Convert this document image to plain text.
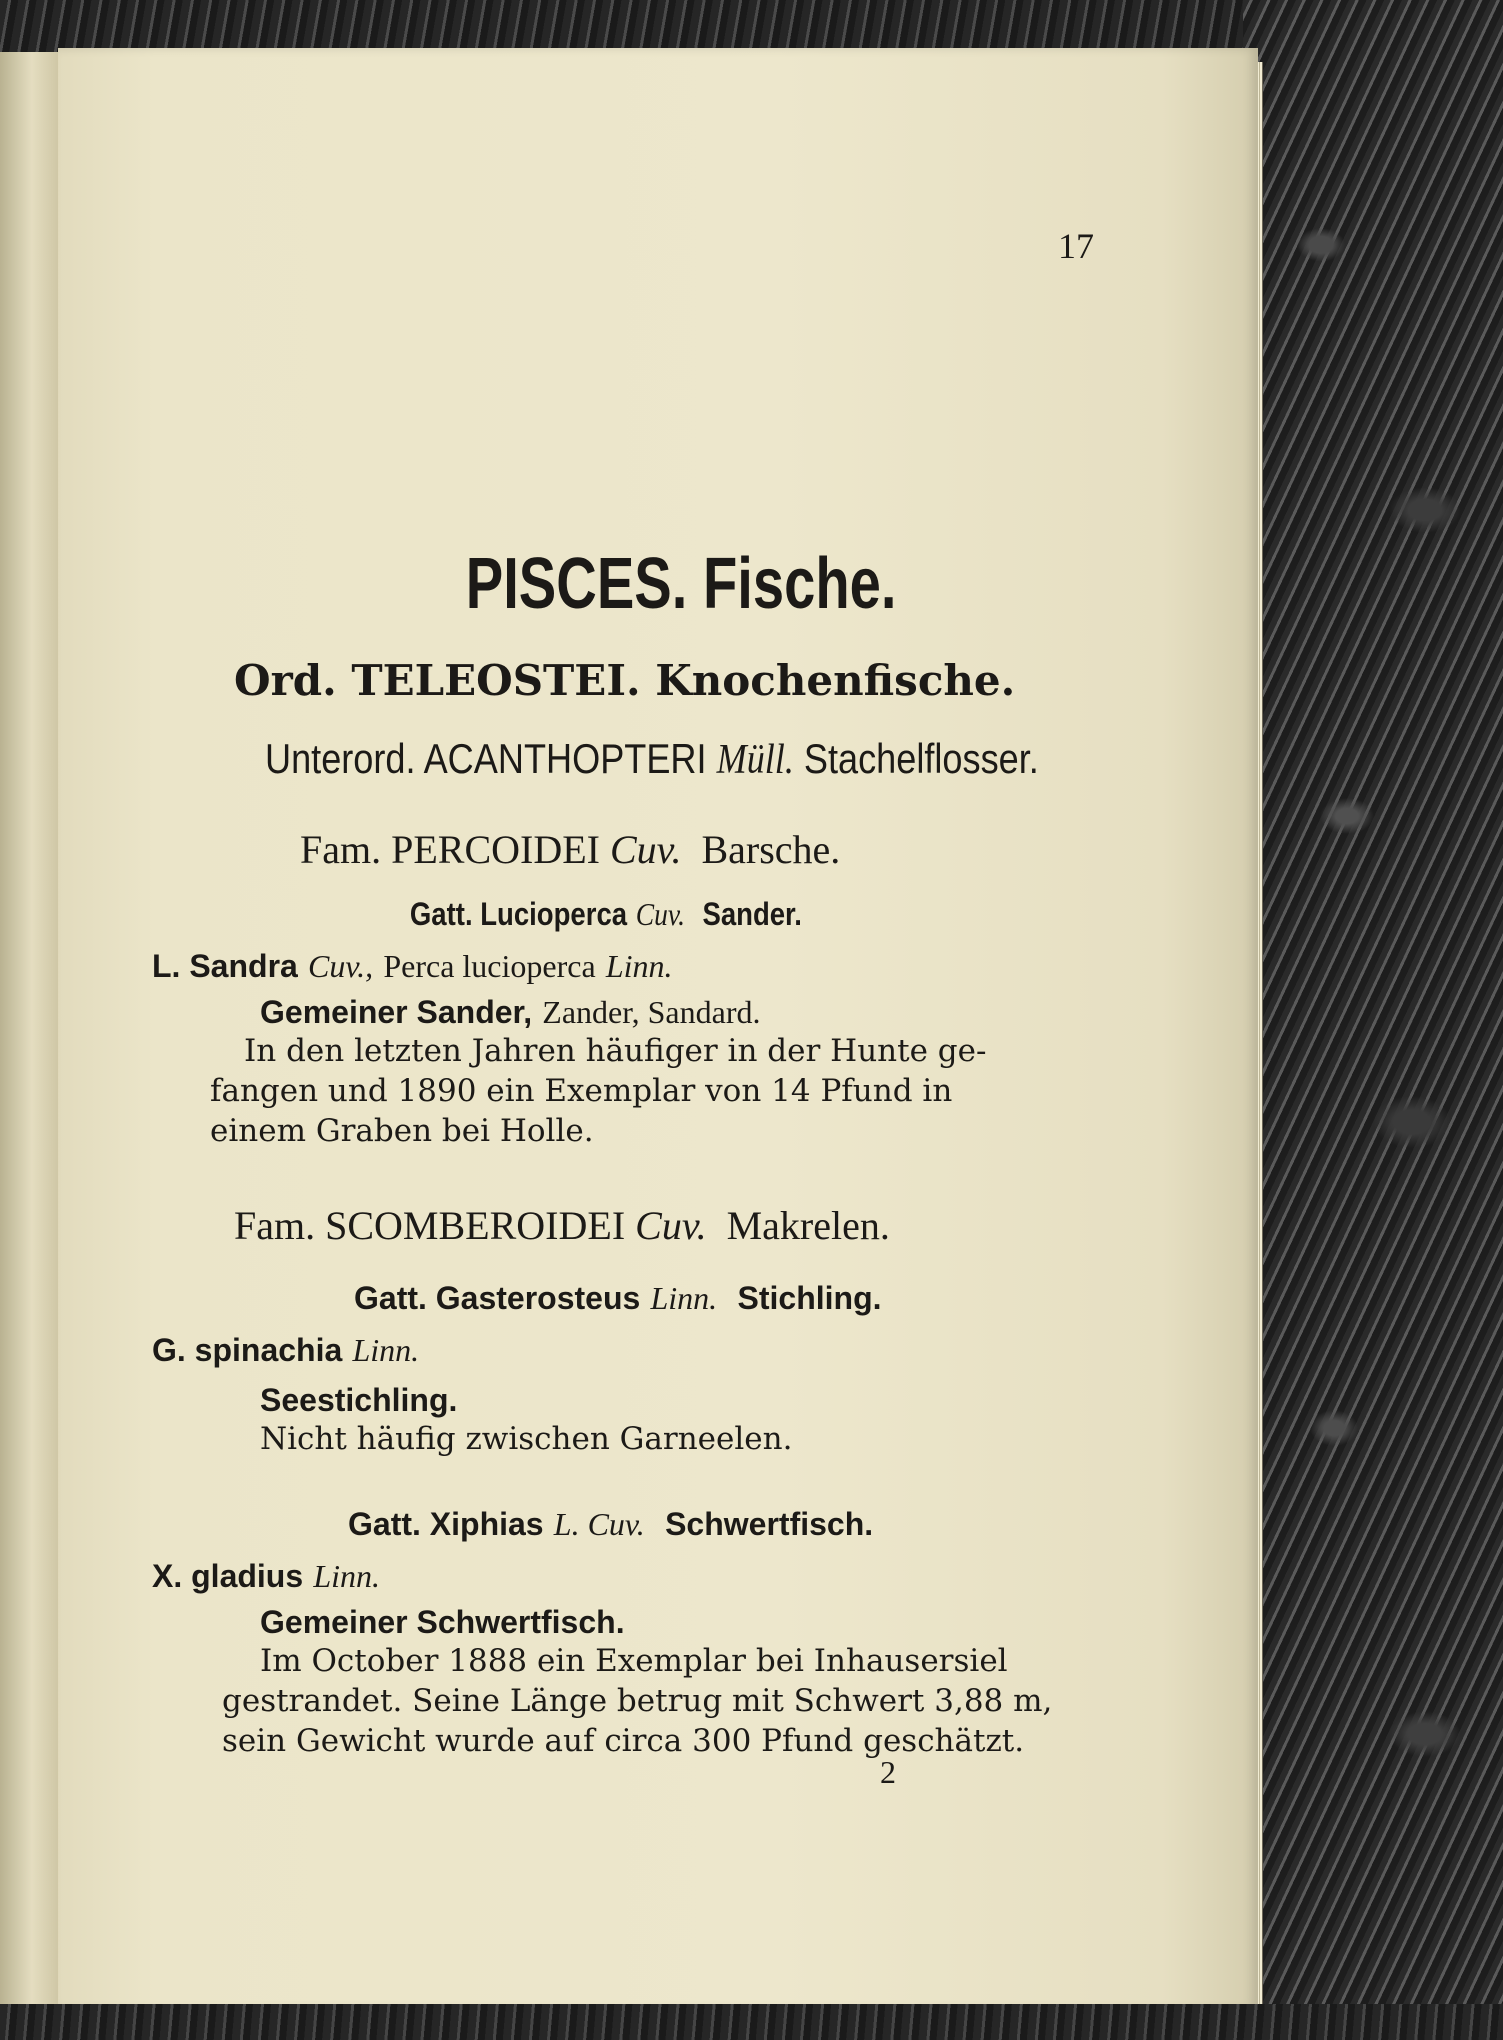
17
PISCES. Fische.
Ord. TELEOSTEI. Knochenfische.
Unterord. ACANTHOPTERI Müll. Stachelflosser.
Fam. PERCOIDEI Cuv. Barsche.
Gatt. Lucioperca Cuv. Sander.
L. Sandra Cuv., Perca lucioperca Linn.
Gemeiner Sander, Zander, Sandard.
In den letzten Jahren häufiger in der Hunte ge-
fangen und 1890 ein Exemplar von 14 Pfund in
einem Graben bei Holle.
Fam. SCOMBEROIDEI Cuv. Makrelen.
Gatt. Gasterosteus Linn. Stichling.
G. spinachia Linn.
Seestichling.
Nicht häufig zwischen Garneelen.
Gatt. Xiphias L. Cuv. Schwertfisch.
X. gladius Linn.
Gemeiner Schwertfisch.
Im October 1888 ein Exemplar bei Inhausersiel
gestrandet. Seine Länge betrug mit Schwert 3,88 m,
sein Gewicht wurde auf circa 300 Pfund geschätzt.
2
